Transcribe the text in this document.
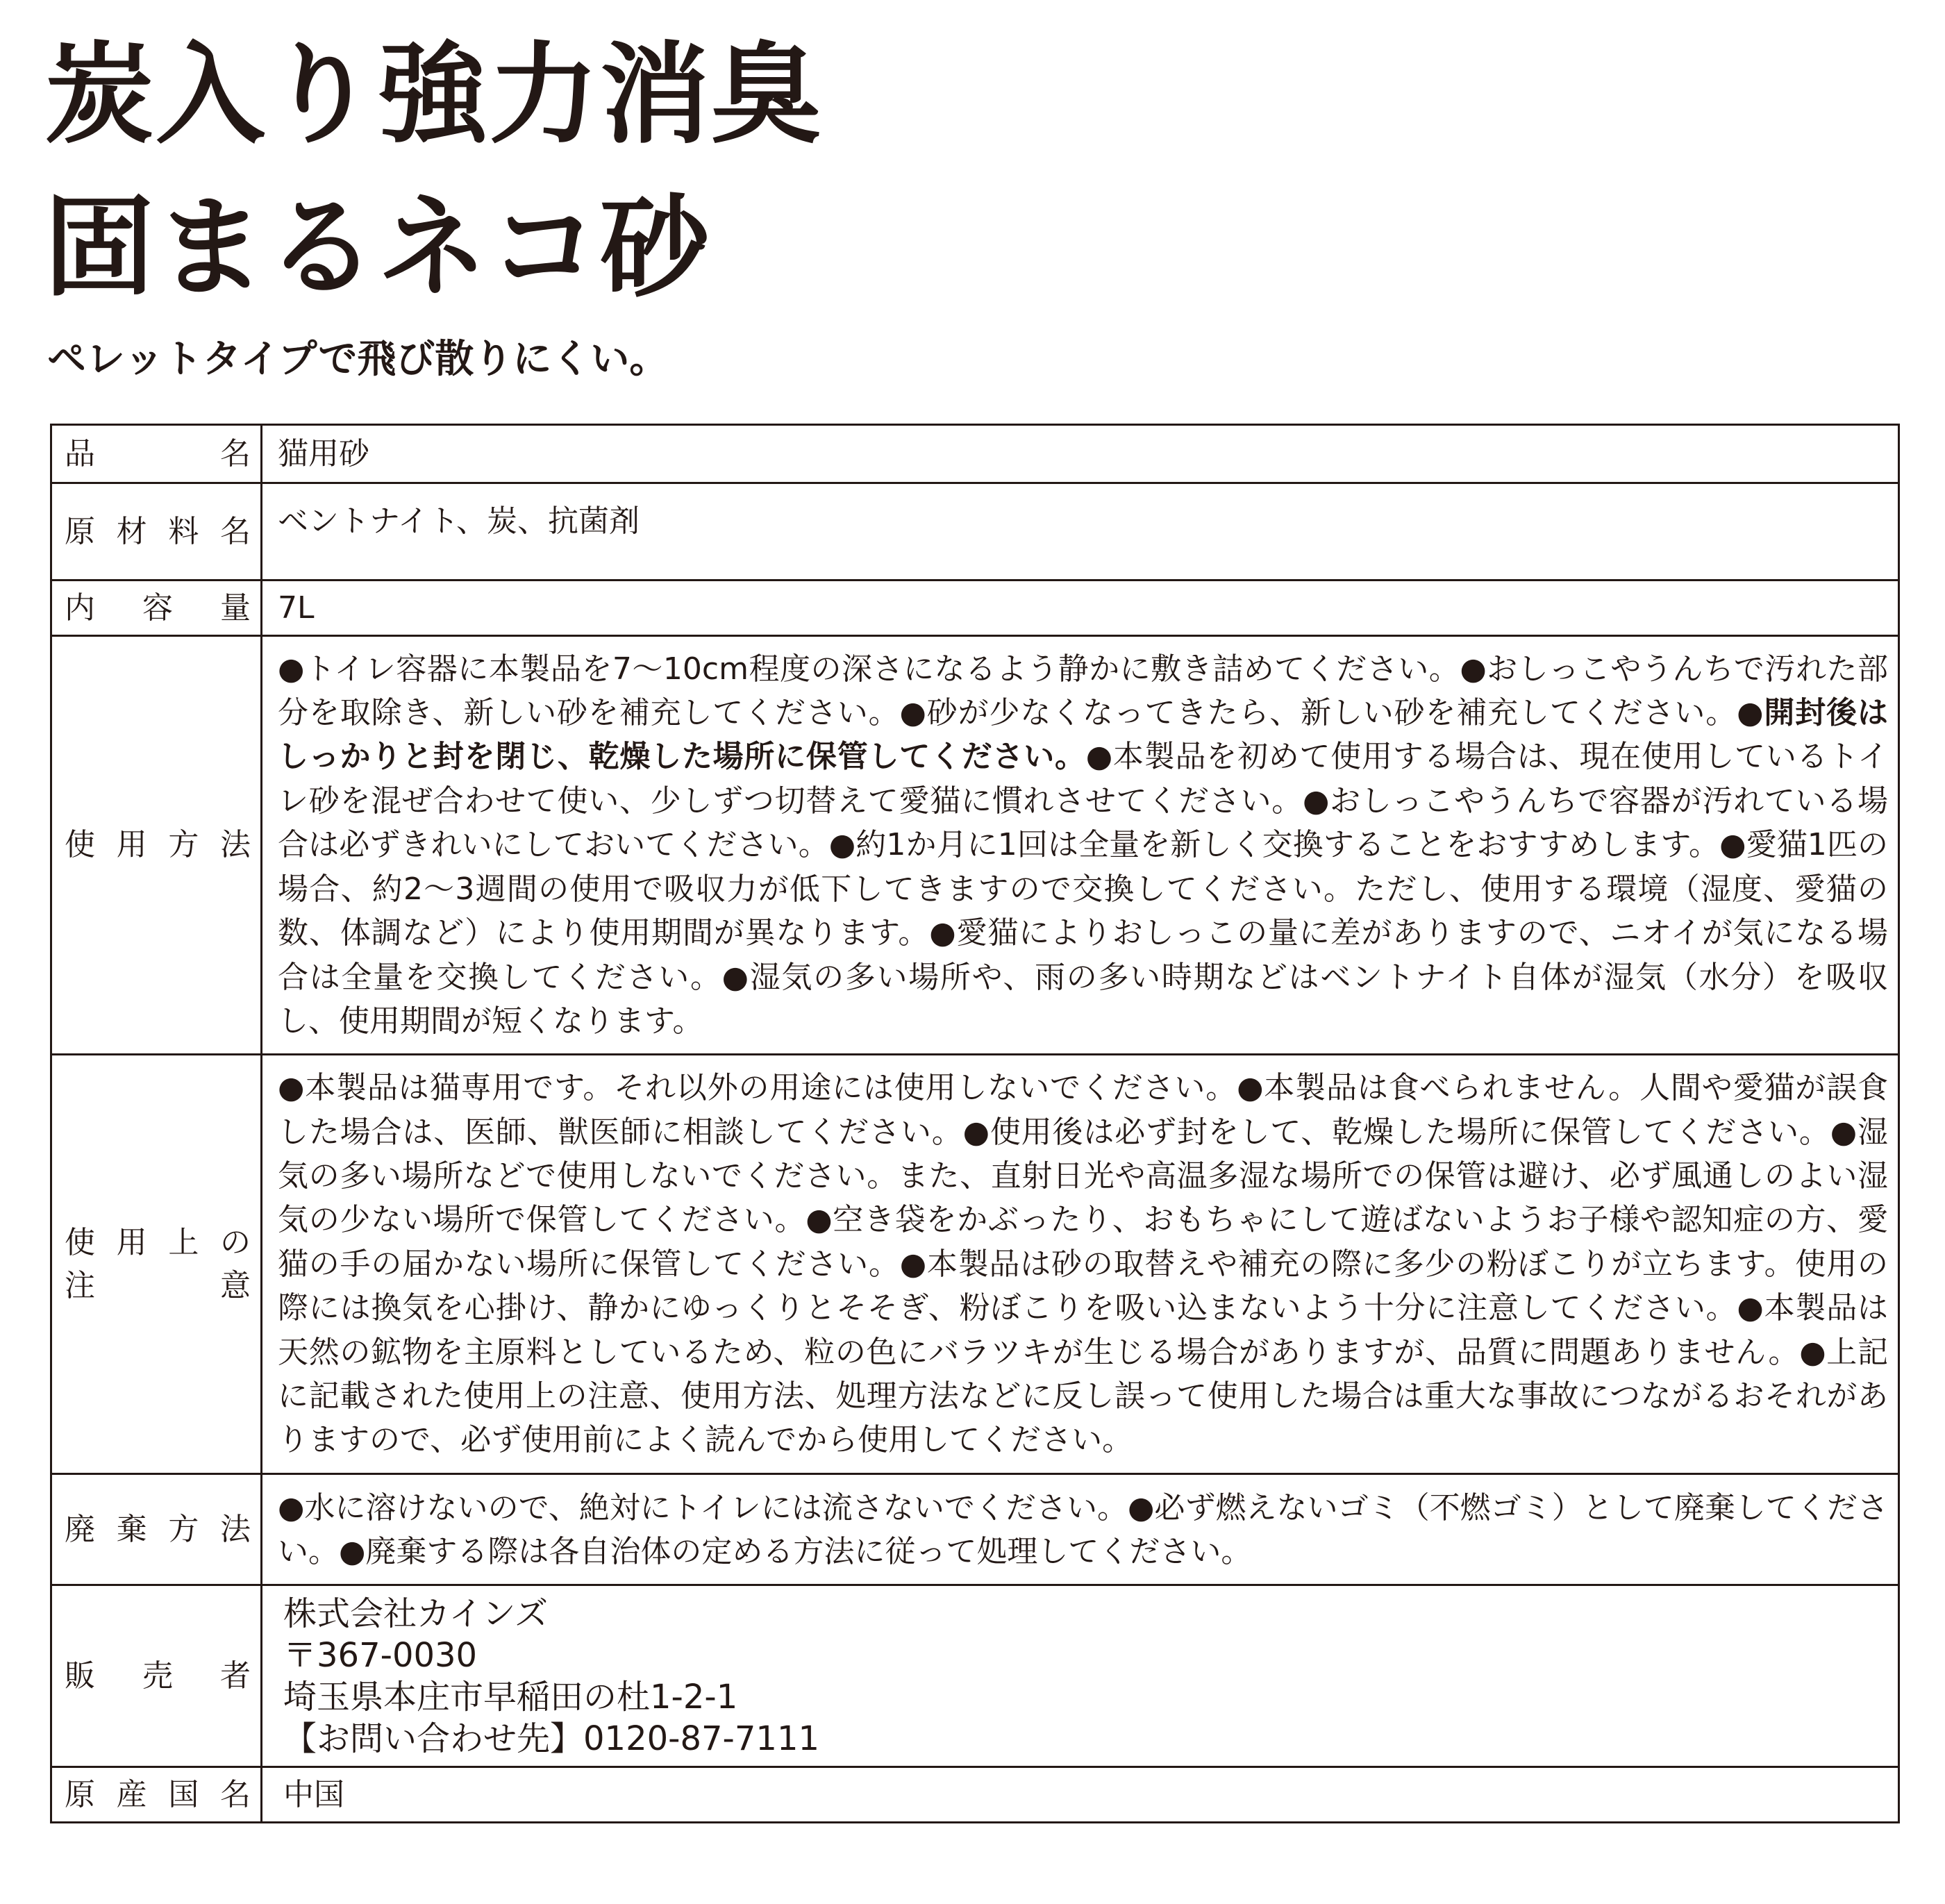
炭入り強力消臭
固まるネコ砂

ペレットタイプで飛び散りにくい。

品名	猫用砂
原材料名	ベントナイト、炭、抗菌剤
内容量	7L
使用方法	●トイレ容器に本製品を7〜10cm程度の深さになるよう静かに敷き詰めてください。●おしっこやうんちで汚れた部分を取除き、新しい砂を補充してください。●砂が少なくなってきたら、新しい砂を補充してください。●開封後はしっかりと封を閉じ、乾燥した場所に保管してください。●本製品を初めて使用する場合は、現在使用しているトイレ砂を混ぜ合わせて使い、少しずつ切替えて愛猫に慣れさせてください。●おしっこやうんちで容器が汚れている場合は必ずきれいにしておいてください。●約1か月に1回は全量を新しく交換することをおすすめします。●愛猫1匹の場合、約2〜3週間の使用で吸収力が低下してきますので交換してください。ただし、使用する環境（湿度、愛猫の数、体調など）により使用期間が異なります。●愛猫によりおしっこの量に差がありますので、ニオイが気になる場合は全量を交換してください。●湿気の多い場所や、雨の多い時期などはベントナイト自体が湿気（水分）を吸収し、使用期間が短くなります。

使用上の
注意	●本製品は猫専用です。それ以外の用途には使用しないでください。●本製品は食べられません。人間や愛猫が誤食した場合は、医師、獣医師に相談してください。●使用後は必ず封をして、乾燥した場所に保管してください。●湿気の多い場所などで使用しないでください。また、直射日光や高温多湿な場所での保管は避け、必ず風通しのよい湿気の少ない場所で保管してください。●空き袋をかぶったり、おもちゃにして遊ばないようお子様や認知症の方、愛猫の手の届かない場所に保管してください。●本製品は砂の取替えや補充の際に多少の粉ぼこりが立ちます。使用の際には換気を心掛け、静かにゆっくりとそそぎ、粉ぼこりを吸い込まないよう十分に注意してください。●本製品は天然の鉱物を主原料としているため、粒の色にバラツキが生じる場合がありますが、品質に問題ありません。●上記に記載された使用上の注意、使用方法、処理方法などに反し誤って使用した場合は重大な事故につながるおそれがありますので、必ず使用前によく読んでから使用してください。
廃棄方法	●水に溶けないので、絶対にトイレには流さないでください。●必ず燃えないゴミ（不燃ゴミ）として廃棄してください。●廃棄する際は各自治体の定める方法に従って処理してください。
販売者	株式会社カインズ
〒367-0030
埼玉県本庄市早稲田の杜1-2-1
【お問い合わせ先】0120-87-7111

原産国名	中国
